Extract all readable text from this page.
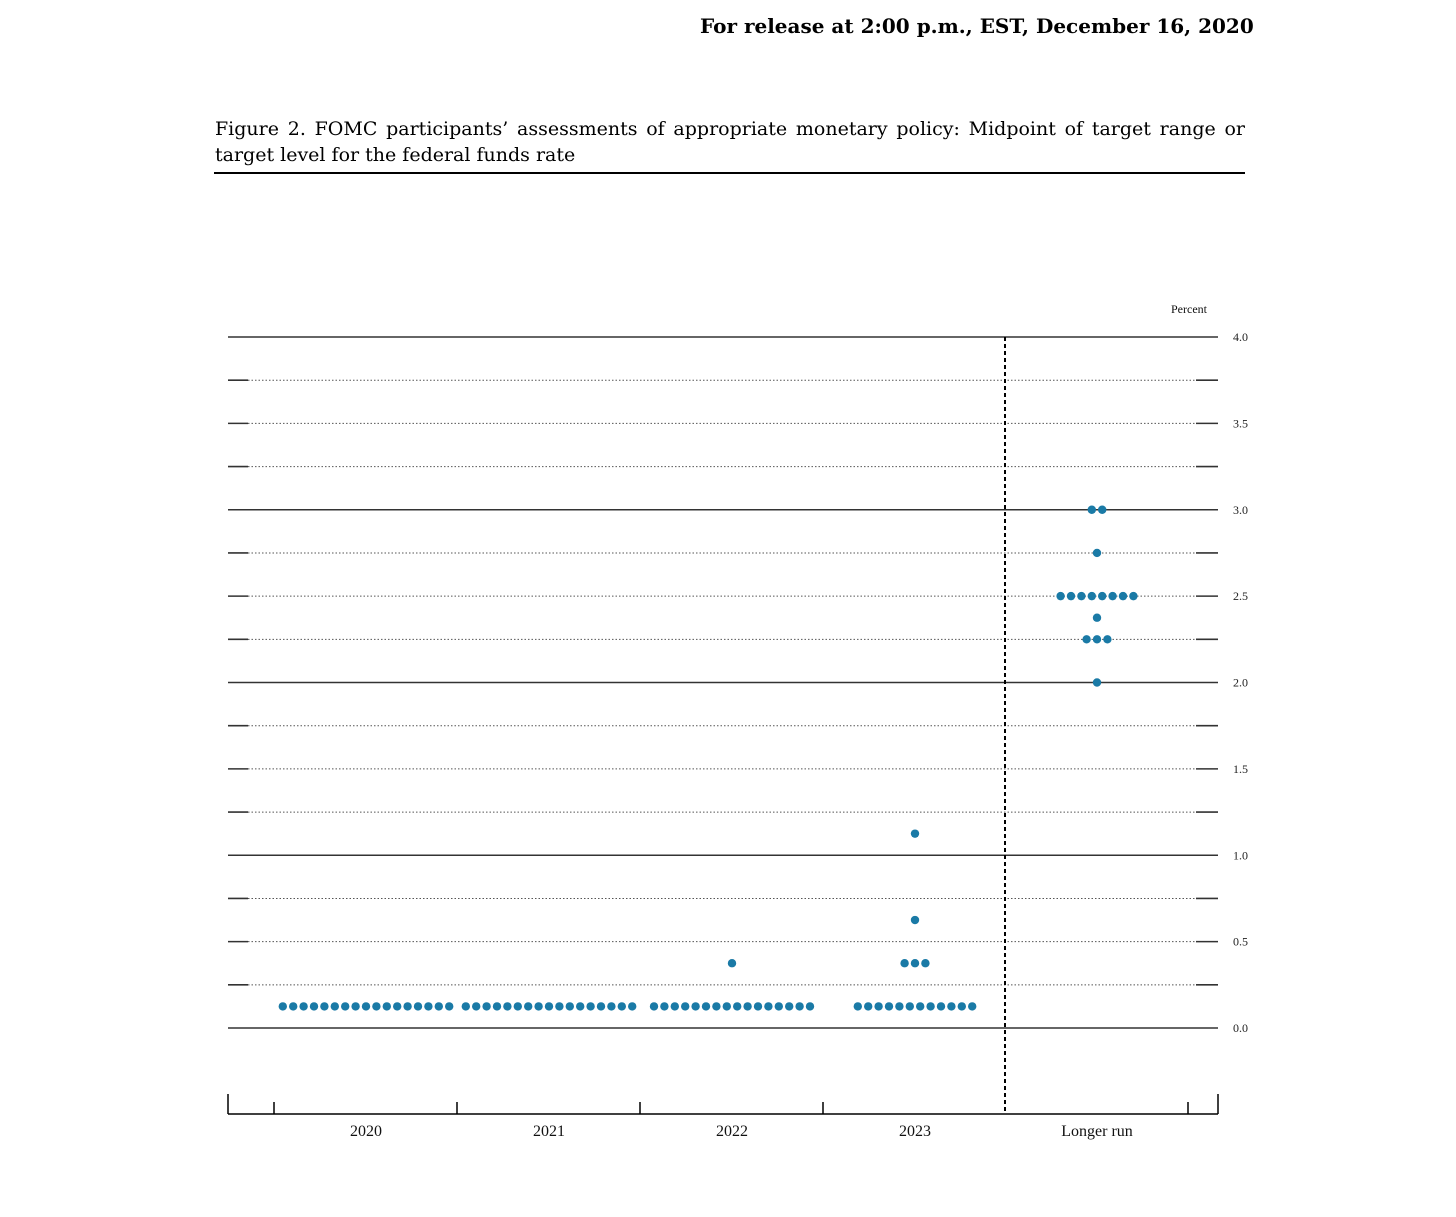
For release at 2:00 p.m., EST, December 16, 2020
Figure 2. FOMC participants’ assessments of appropriate monetary policy: Midpoint of target range or target level for the federal funds rate
4.0
3.5
3.0
2.5
2.0
1.5
1.0
0.5
0.0
Percent
2020	2021	2022	2023	Longer run
